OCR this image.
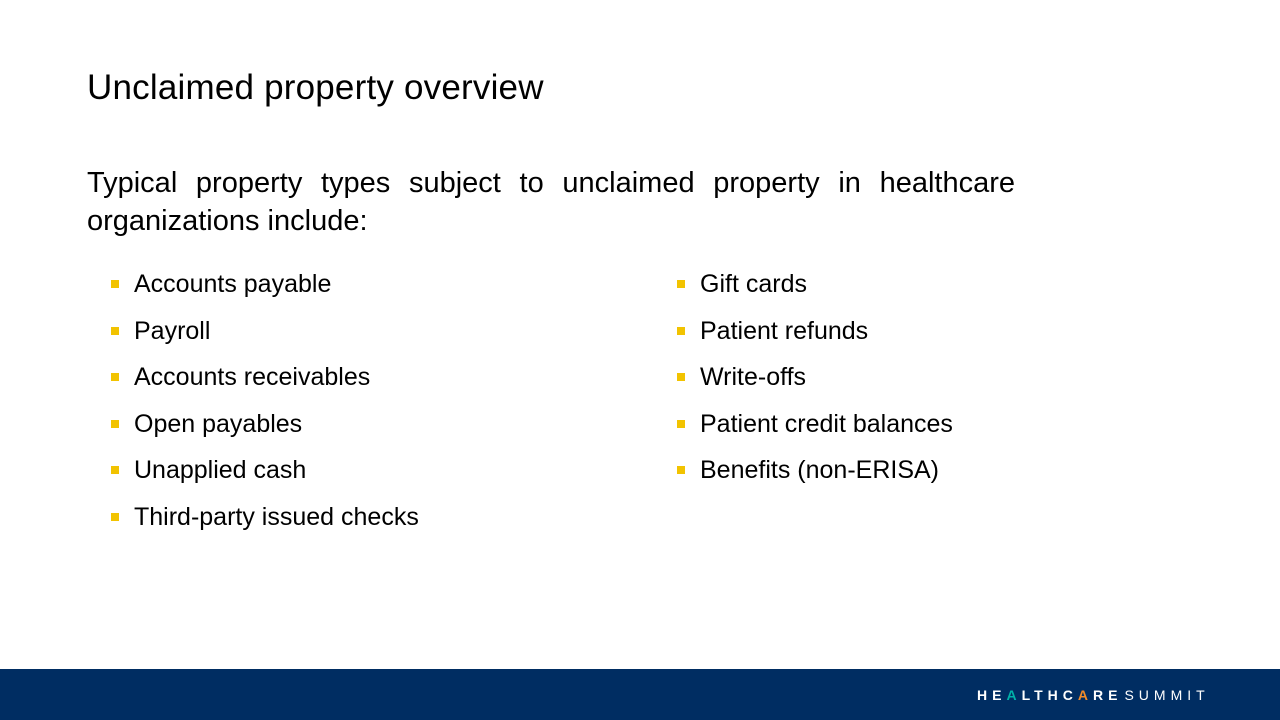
Unclaimed property overview

Typical property types subject to unclaimed property in healthcare organizations include:

Accounts payable
Payroll
Accounts receivables
Open payables
Unapplied cash
Third-party issued checks
Gift cards
Patient refunds
Write-offs
Patient credit balances
Benefits (non-ERISA)
HEALTHCARE SUMMIT
